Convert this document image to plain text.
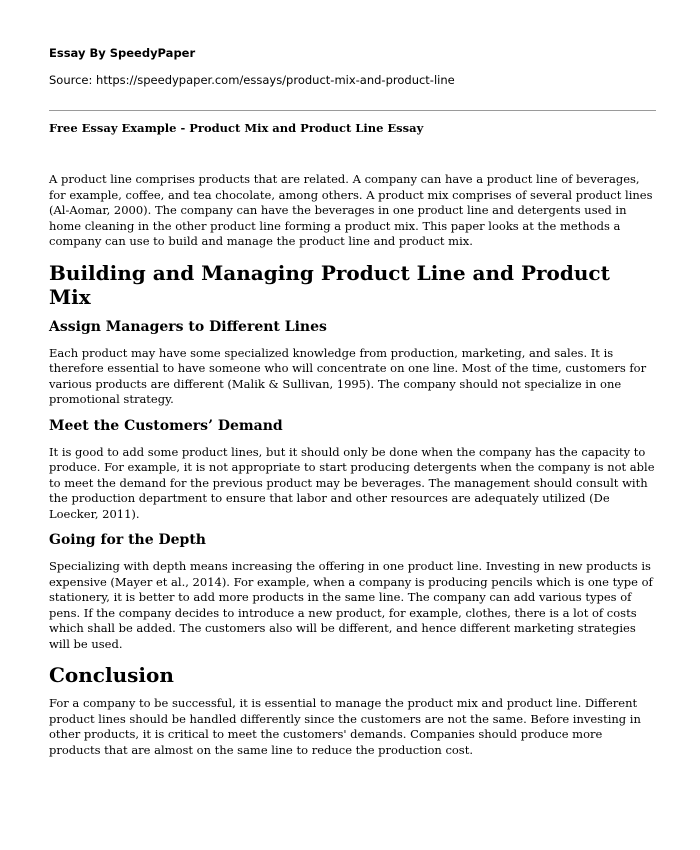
Essay By SpeedyPaper
Source: https://speedypaper.com/essays/product-mix-and-product-line
Free Essay Example - Product Mix and Product Line Essay

A product line comprises products that are related. A company can have a product line of beverages, for example, coffee, and tea chocolate, among others. A product mix comprises of several product lines (Al-Aomar, 2000). The company can have the beverages in one product line and detergents used in home cleaning in the other product line forming a product mix. This paper looks at the methods a company can use to build and manage the product line and product mix.

Building and Managing Product Line and Product Mix
Assign Managers to Different Lines

Each product may have some specialized knowledge from production, marketing, and sales. It is therefore essential to have someone who will concentrate on one line. Most of the time, customers for various products are different (Malik & Sullivan, 1995). The company should not specialize in one promotional strategy.

Meet the Customers’ Demand

It is good to add some product lines, but it should only be done when the company has the capacity to produce. For example, it is not appropriate to start producing detergents when the company is not able to meet the demand for the previous product may be beverages. The management should consult with the production department to ensure that labor and other resources are adequately utilized (De Loecker, 2011).

Going for the Depth

Specializing with depth means increasing the offering in one product line. Investing in new products is expensive (Mayer et al., 2014). For example, when a company is producing pencils which is one type of stationery, it is better to add more products in the same line. The company can add various types of pens. If the company decides to introduce a new product, for example, clothes, there is a lot of costs which shall be added. The customers also will be different, and hence different marketing strategies will be used.

Conclusion

For a company to be successful, it is essential to manage the product mix and product line. Different product lines should be handled differently since the customers are not the same. Before investing in other products, it is critical to meet the customers' demands. Companies should produce more products that are almost on the same line to reduce the production cost.
